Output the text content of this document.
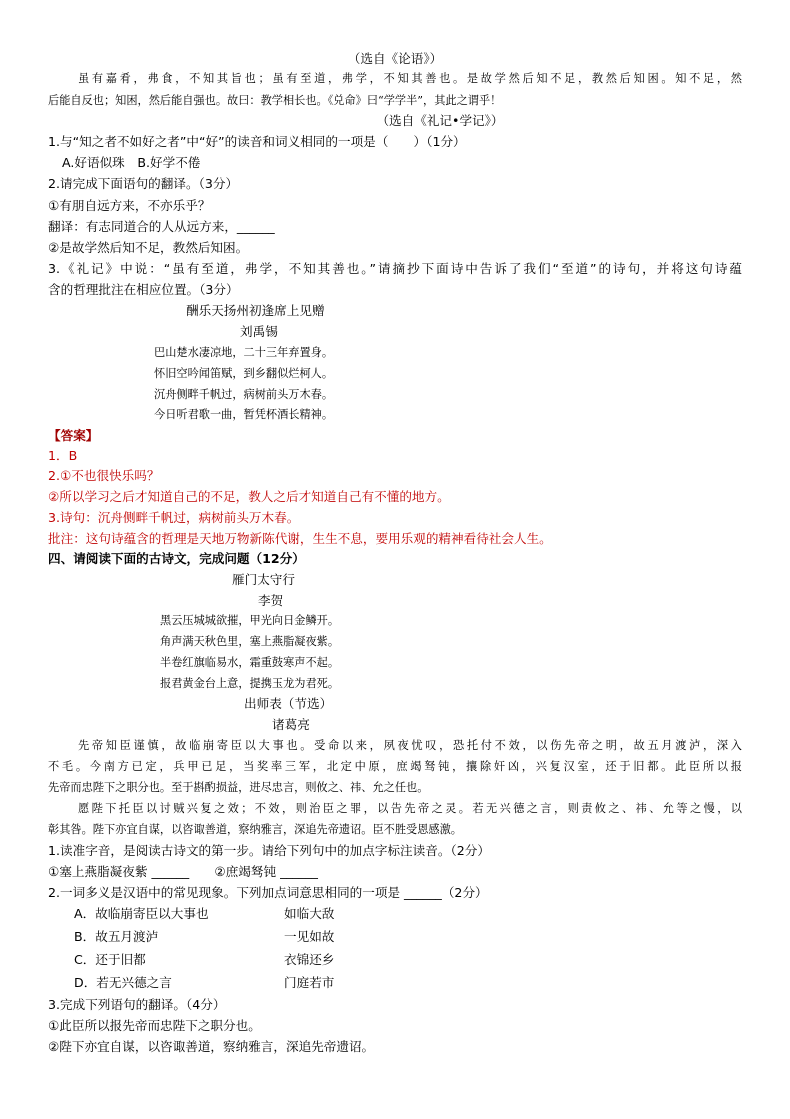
（选自《论语》）
虽有嘉肴，弗食，不知其旨也；虽有至道，弗学，不知其善也。是故学然后知不足，教然后知困。知不足，然
后能自反也；知困，然后能自强也。故曰：教学相长也。《兑命》曰“学学半”，其此之谓乎！
（选自《礼记•学记》）
1.与“知之者不如好之者”中“好”的读音和词义相同的一项是（　　）（1分）
A.好语似珠　B.好学不倦
2.请完成下面语句的翻译。（3分）
①有朋自远方来，不亦乐乎？
翻译：有志同道合的人从远方来，______
②是故学然后知不足，教然后知困。
3.《礼记》中说：“虽有至道，弗学，不知其善也。”请摘抄下面诗中告诉了我们“至道”的诗句，并将这句诗蕴
含的哲理批注在相应位置。（3分）
酬乐天扬州初逢席上见赠
刘禹锡
巴山楚水凄凉地，二十三年弃置身。
怀旧空吟闻笛赋，到乡翻似烂柯人。
沉舟侧畔千帆过，病树前头万木春。
今日听君歌一曲，暂凭杯酒长精神。
【答案】
1．B
2.①不也很快乐吗？
②所以学习之后才知道自己的不足，教人之后才知道自己有不懂的地方。
3.诗句：沉舟侧畔千帆过，病树前头万木春。
批注：这句诗蕴含的哲理是天地万物新陈代谢，生生不息，要用乐观的精神看待社会人生。
四、请阅读下面的古诗文，完成问题（12分）
雁门太守行
李贺
黑云压城城欲摧，甲光向日金鳞开。
角声满天秋色里，塞上燕脂凝夜紫。
半卷红旗临易水，霜重鼓寒声不起。
报君黄金台上意，提携玉龙为君死。
出师表（节选）
诸葛亮
先帝知臣谨慎，故临崩寄臣以大事也。受命以来，夙夜忧叹，恐托付不效，以伤先帝之明，故五月渡泸，深入
不毛。今南方已定，兵甲已足，当奖率三军，北定中原，庶竭驽钝，攘除奸凶，兴复汉室，还于旧都。此臣所以报
先帝而忠陛下之职分也。至于斟酌损益，进尽忠言，则攸之、祎、允之任也。
愿陛下托臣以讨贼兴复之效；不效，则治臣之罪，以告先帝之灵。若无兴德之言，则责攸之、祎、允等之慢，以
彰其咎。陛下亦宜自谋，以咨诹善道，察纳雅言，深追先帝遗诏。臣不胜受恩感激。
1.读准字音，是阅读古诗文的第一步。请给下列句中的加点字标注读音。（2分）
①塞上燕脂凝夜紫 ______　　②庶竭驽钝 ______
2.一词多义是汉语中的常见现象。下列加点词意思相同的一项是 ______（2分）
A．故临崩寄臣以大事也	如临大敌
B．故五月渡泸	一见如故
C．还于旧都	衣锦还乡
D．若无兴德之言	门庭若市
3.完成下列语句的翻译。（4分）
①此臣所以报先帝而忠陛下之职分也。
②陛下亦宜自谋，以咨诹善道，察纳雅言，深追先帝遗诏。
